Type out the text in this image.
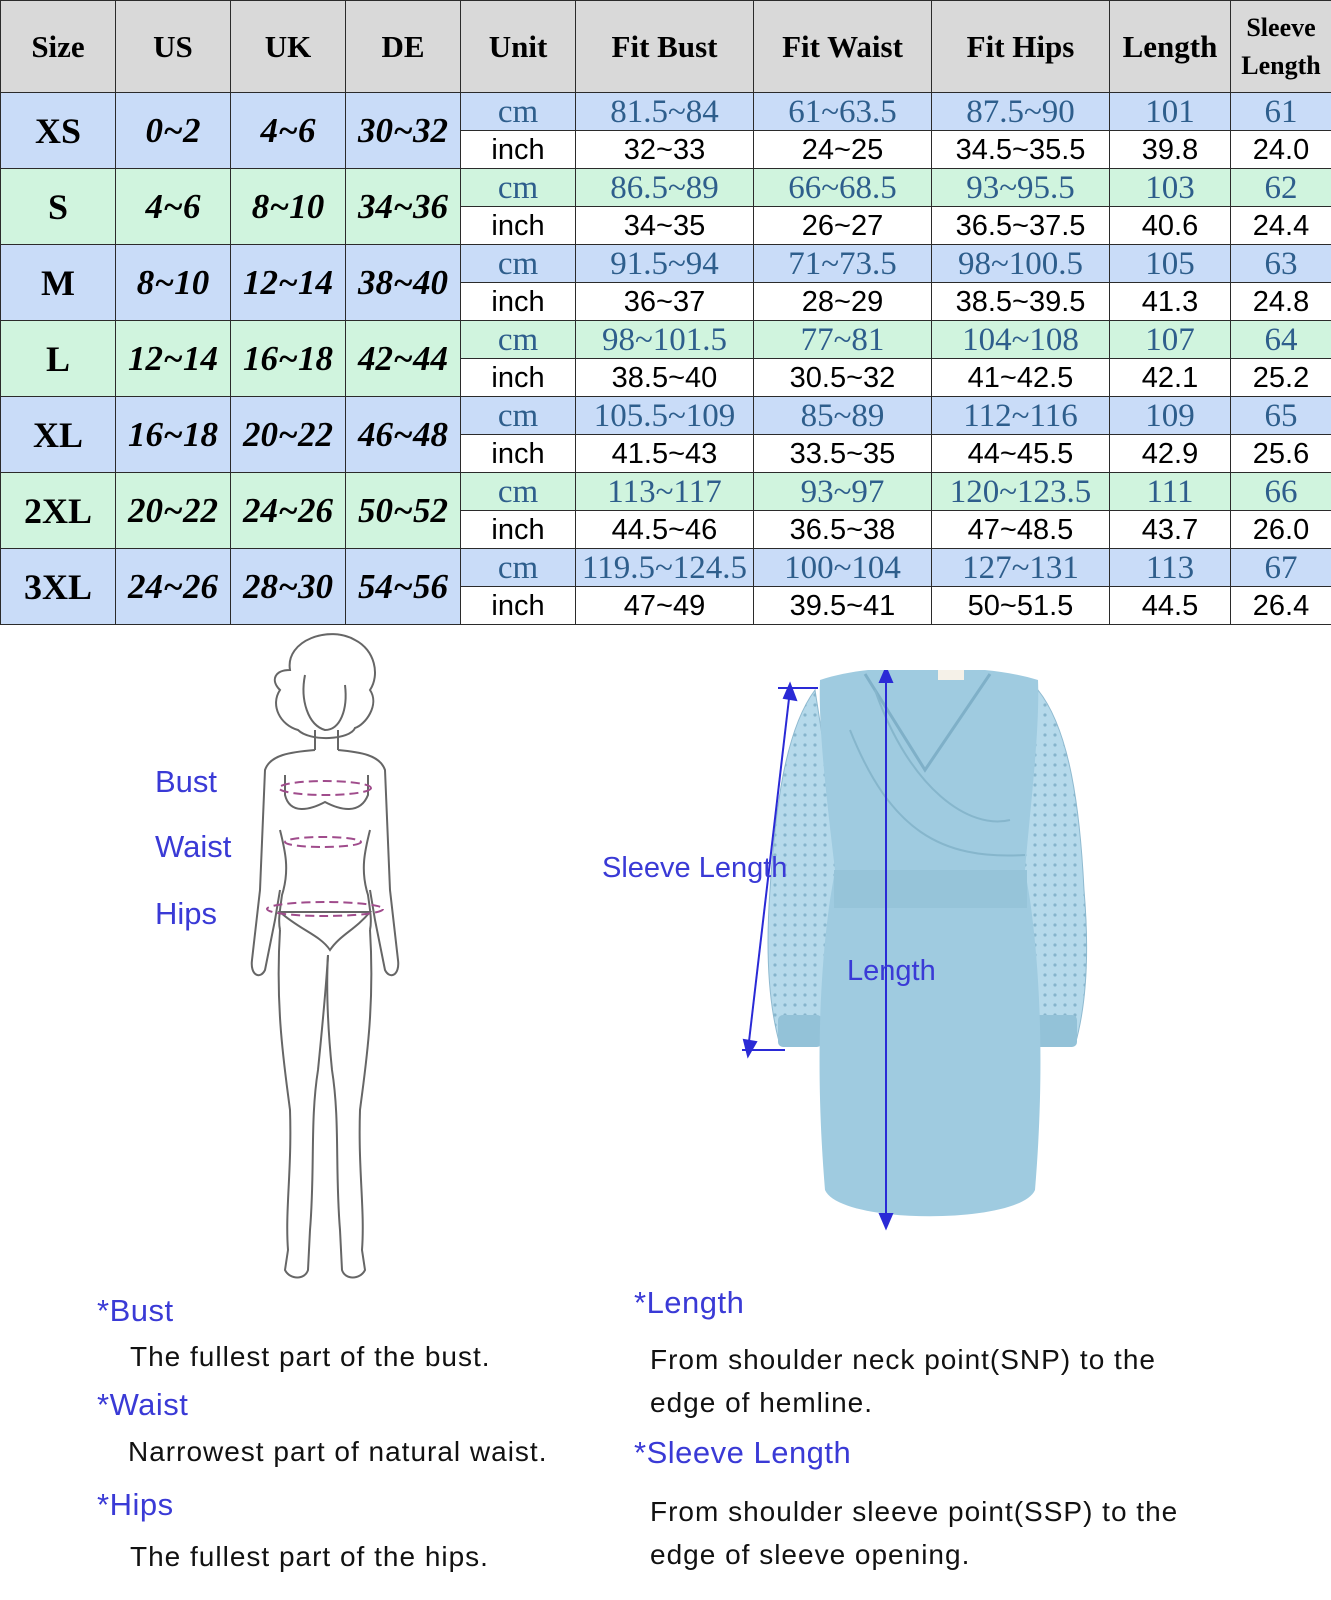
Size	US	UK	DE	Unit	Fit Bust	Fit Waist	Fit Hips	Length	Sleeve
Length
XS	0~2	4~6	30~32	cm	81.5~84	61~63.5	87.5~90	101	61
				inch	32~33	24~25	34.5~35.5	39.8	24.0
S	4~6	8~10	34~36	cm	86.5~89	66~68.5	93~95.5	103	62
				inch	34~35	26~27	36.5~37.5	40.6	24.4
M	8~10	12~14	38~40	cm	91.5~94	71~73.5	98~100.5	105	63
				inch	36~37	28~29	38.5~39.5	41.3	24.8
L	12~14	16~18	42~44	cm	98~101.5	77~81	104~108	107	64
				inch	38.5~40	30.5~32	41~42.5	42.1	25.2
XL	16~18	20~22	46~48	cm	105.5~109	85~89	112~116	109	65
				inch	41.5~43	33.5~35	44~45.5	42.9	25.6
2XL	20~22	24~26	50~52	cm	113~117	93~97	120~123.5	111	66
				inch	44.5~46	36.5~38	47~48.5	43.7	26.0
3XL	24~26	28~30	54~56	cm	119.5~124.5	100~104	127~131	113	67
				inch	47~49	39.5~41	50~51.5	44.5	26.4
Bust
Waist
Hips
Sleeve Length
Length
*Bust
The fullest part of the bust.
*Waist
Narrowest part of natural waist.
*Hips
The fullest part of the hips.
*Length
From shoulder neck point(SNP) to the
edge of hemline.
*Sleeve Length
From shoulder sleeve point(SSP) to the
edge of sleeve opening.
